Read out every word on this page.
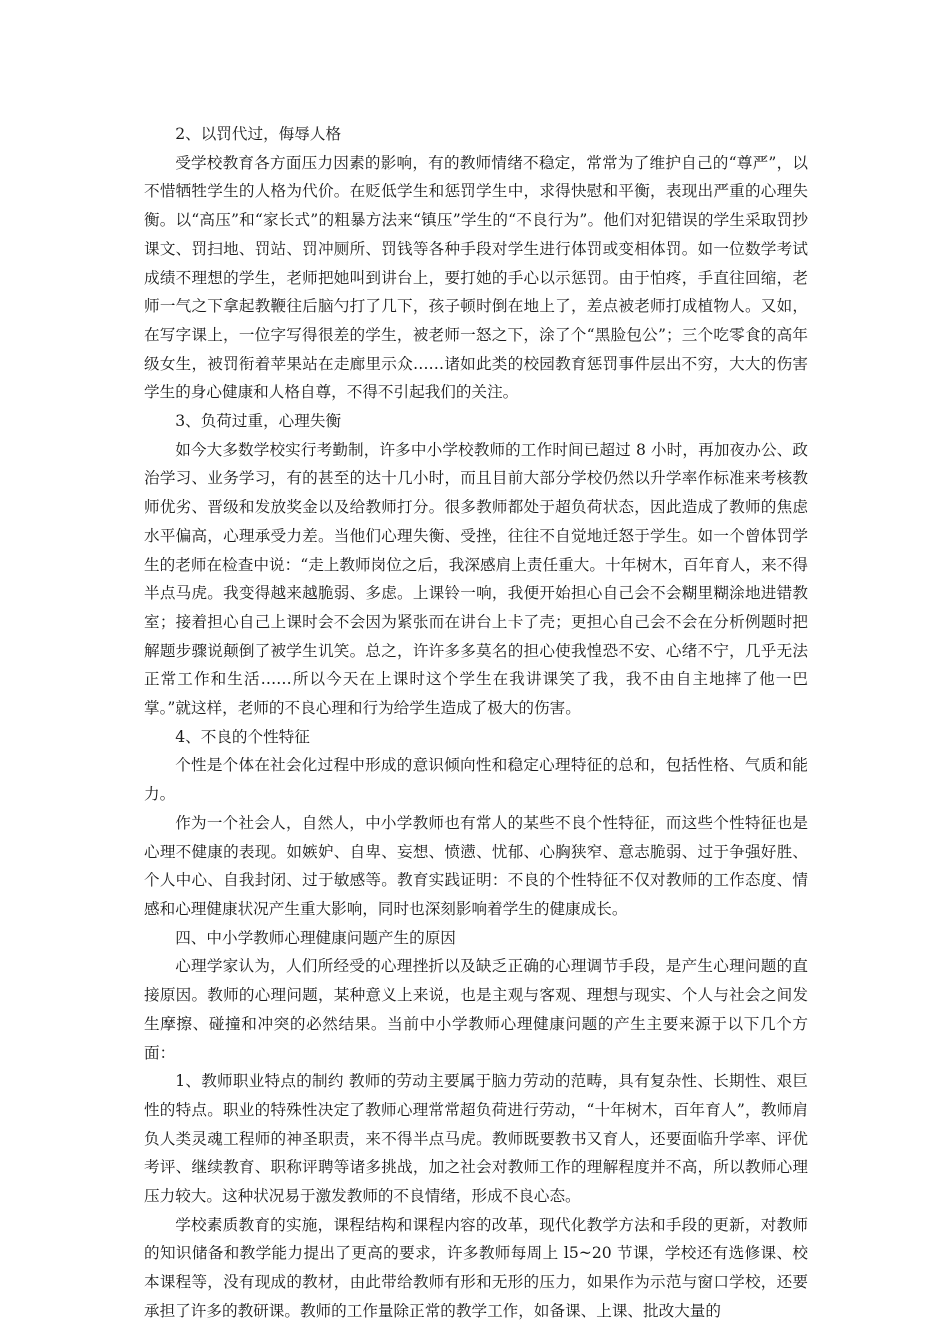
2、以罚代过，侮辱人格

受学校教育各方面压力因素的影响，有的教师情绪不稳定，常常为了维护自己的“尊严”，以不惜牺牲学生的人格为代价。在贬低学生和惩罚学生中，求得快慰和平衡，表现出严重的心理失衡。以“高压”和“家长式”的粗暴方法来“镇压”学生的“不良行为”。他们对犯错误的学生采取罚抄课文、罚扫地、罚站、罚冲厕所、罚钱等各种手段对学生进行体罚或变相体罚。如一位数学考试成绩不理想的学生，老师把她叫到讲台上，要打她的手心以示惩罚。由于怕疼，手直往回缩，老师一气之下拿起教鞭往后脑勺打了几下，孩子顿时倒在地上了，差点被老师打成植物人。又如，在写字课上，一位字写得很差的学生，被老师一怒之下，涂了个“黑脸包公”；三个吃零食的高年级女生，被罚衔着苹果站在走廊里示众……诸如此类的校园教育惩罚事件层出不穷，大大的伤害学生的身心健康和人格自尊，不得不引起我们的关注。

3、负荷过重，心理失衡

如今大多数学校实行考勤制，许多中小学校教师的工作时间已超过 8 小时，再加夜办公、政治学习、业务学习，有的甚至的达十几小时，而且目前大部分学校仍然以升学率作标准来考核教师优劣、晋级和发放奖金以及给教师打分。很多教师都处于超负荷状态，因此造成了教师的焦虑水平偏高，心理承受力差。当他们心理失衡、受挫，往往不自觉地迁怒于学生。如一个曾体罚学生的老师在检查中说：“走上教师岗位之后，我深感肩上责任重大。十年树木，百年育人，来不得半点马虎。我变得越来越脆弱、多虑。上课铃一响，我便开始担心自己会不会糊里糊涂地进错教室；接着担心自己上课时会不会因为紧张而在讲台上卡了壳；更担心自己会不会在分析例题时把解题步骤说颠倒了被学生讥笑。总之，许许多多莫名的担心使我惶恐不安、心绪不宁，几乎无法正常工作和生活……所以今天在上课时这个学生在我讲课笑了我，我不由自主地摔了他一巴掌。”就这样，老师的不良心理和行为给学生造成了极大的伤害。

4、不良的个性特征

个性是个体在社会化过程中形成的意识倾向性和稳定心理特征的总和，包括性格、气质和能力。

作为一个社会人，自然人，中小学教师也有常人的某些不良个性特征，而这些个性特征也是心理不健康的表现。如嫉妒、自卑、妄想、愤懑、忧郁、心胸狭窄、意志脆弱、过于争强好胜、个人中心、自我封闭、过于敏感等。教育实践证明：不良的个性特征不仅对教师的工作态度、情感和心理健康状况产生重大影响，同时也深刻影响着学生的健康成长。

四、中小学教师心理健康问题产生的原因

心理学家认为，人们所经受的心理挫折以及缺乏正确的心理调节手段，是产生心理问题的直接原因。教师的心理问题，某种意义上来说，也是主观与客观、理想与现实、个人与社会之间发生摩擦、碰撞和冲突的必然结果。当前中小学教师心理健康问题的产生主要来源于以下几个方面：

1、教师职业特点的制约 教师的劳动主要属于脑力劳动的范畴，具有复杂性、长期性、艰巨性的特点。职业的特殊性决定了教师心理常常超负荷进行劳动，“十年树木，百年育人”，教师肩负人类灵魂工程师的神圣职责，来不得半点马虎。教师既要教书又育人，还要面临升学率、评优考评、继续教育、职称评聘等诸多挑战，加之社会对教师工作的理解程度并不高，所以教师心理压力较大。这种状况易于激发教师的不良情绪，形成不良心态。

学校素质教育的实施，课程结构和课程内容的改革，现代化教学方法和手段的更新，对教师的知识储备和教学能力提出了更高的要求，许多教师每周上 l5~20 节课，学校还有选修课、校本课程等，没有现成的教材，由此带给教师有形和无形的压力，如果作为示范与窗口学校，还要承担了许多的教研课。教师的工作量除正常的教学工作，如备课、上课、批改大量的
